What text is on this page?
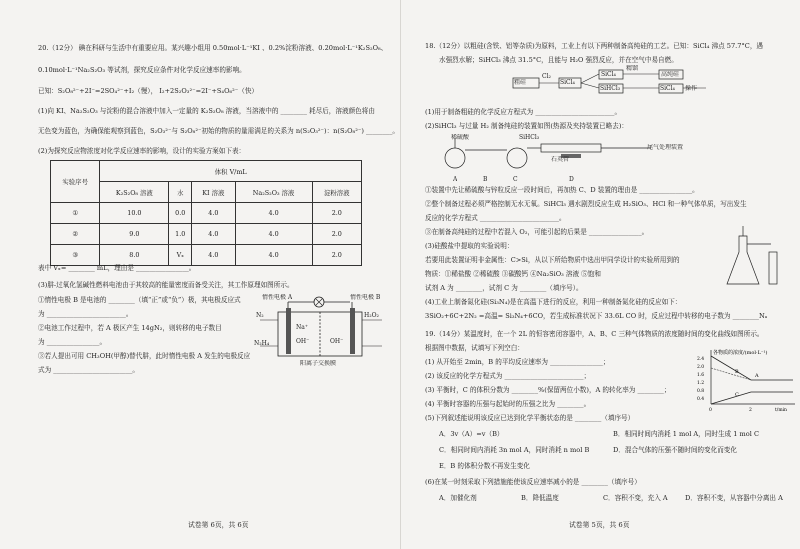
20.（12分） 碘在科研与生活中有重要应用。某兴趣小组用 0.50mol·L⁻¹KI 、0.2%淀粉溶液、0.20mol·L⁻¹K₂S₂O₈、
0.10mol·L⁻¹Na₂S₂O₃ 等试剂，探究反应条件对化学反应速率的影响。
已知：S₂O₈²⁻+2I⁻=2SO₄²⁻+I₂（慢）， I₂+2S₂O₃²⁻=2I⁻+S₄O₆²⁻（快）
(1)向 KI、Na₂S₂O₃ 与淀粉的混合溶液中加入一定量的 K₂S₂O₈ 溶液，当溶液中的 ________ 耗尽后，溶液颜色将由
无色变为蓝色，为确保能观察到蓝色，S₂O₃²⁻与 S₂O₈²⁻初始的物质的量需满足的关系为 n(S₂O₃²⁻)：n(S₂O₈²⁻) ________。
(2)为探究反应物浓度对化学反应速率的影响，设计的实验方案如下表：
实验序号	体积 V/mL				
	K₂S₂O₈ 溶液	水	KI 溶液	Na₂S₂O₃ 溶液	淀粉溶液
①	10.0	0.0	4.0	4.0	2.0
②	9.0	1.0	4.0	4.0	2.0
③	8.0	Vₓ	4.0	4.0	2.0
表中 Vₓ= ________ mL，理由是 ________________。
(3)肼-过氧化氢碱性燃料电池由于其较高的能量密度而备受关注，其工作原理如图所示。
①惰性电极 B 是电池的 ________（填“正”或“负”）极，其电极反应式
为 ________________________。
②电池工作过程中，若 A 极区产生 14gN₂，则转移的电子数目
为 ________________。
③若人提出可用 CH₃OH(甲醇)替代肼，此时惰性电极 A 发生的电极反应
式为 ________________________。
惰性电极 A	惰性电极 B
N₂
N₂H₄
H₂O₂
Na⁺
OH⁻	OH⁻
阳离子交换膜
试卷第 6页，共 6页
18.（12分）以粗硅(含铁、铝等杂质)为原料，工业上有以下两种制备高纯硅的工艺。已知：SiCl₄ 沸点 57.7°C，遇
水强烈水解；SiHCl₃ 沸点 31.5°C，且能与 H₂O 强烈反应，并在空气中易自燃。
粗硅
Cl₂
SiCl₄
SiCl₄
SiHCl₃
精馏
高纯硅
SiCl₄ 操作
(1)用于制备粗硅的化学反应方程式为 ________________________。
(2)SiHCl₃ 与过量 H₂ 制备纯硅的装置如图(热源及夹持装置已略去)：
A	B	C	D
SiHCl₃
稀硫酸
石英管
尾气处理装置
①装置中先让稀硫酸与锌粒反应一段时间后，再加热 C、D 装置的理由是 ________________。
②整个制备过程必须严格控制无水无氧。SiHCl₃ 遇水剧烈反应生成 H₂SiO₃、HCl 和一种气体单质，写出发生
反应的化学方程式 ________________________。
③在制备高纯硅的过程中若混入 O₂，可能引起的后果是 ________________。
(3)硅酸盐中提取的实验说明：
若要用此装置证明非金属性：C>Si，从以下所给物质中选出甲同学设计的实验所用到的
物质：①稀盐酸 ②稀硫酸 ③碳酸钙 ④Na₂SiO₃ 溶液 ⑤饱和
试剂 A 为 ________，试剂 C 为 ________（填序号）。
(4)工业上制备氮化硅(Si₃N₄)是在高温下进行的反应，利用一种制备氮化硅的反应如下：
3SiO₂+6C+2N₂ =高温= Si₃N₄+6CO，若生成标准状况下 33.6L CO 时，反应过程中转移的电子数为 ________Nₐ
19.（14分）某温度时，在一个 2L 的恒容密闭容器中，A、B、C 三种气体物质的浓度随时间的变化曲线如图所示。
根据图中数据，试填写下列空白：
(1) 从开始至 2min，B 的平均反应速率为 ________________；
(2) 该反应的化学方程式为 ________________________；
(3) 平衡时，C 的体积分数为 ________%(保留两位小数)，A 的转化率为 ________；
(4) 平衡时容器的压强与起始时的压强之比为 ________。
(5)下列叙述能说明该反应已达到化学平衡状态的是 ________（填序号）
A．3v（A）=v（B）	B．相同时间内消耗 1 mol A，同时生成 1 mol C
C．相同时间内消耗 3n mol A，同时消耗 n mol B	D．混合气体的压强不随时间的变化而变化
E．B 的体积分数不再发生变化
(6)在某一时刻采取下列措施能使该反应速率减小的是 ________（填序号）
A．加催化剂	B．降低温度	C．容积不变，充入 A	D．容积不变，从容器中分离出 A
各物质的浓度/(mol·L⁻¹)
2.4
2.0
1.6
1.2
0.8
0.4
0	2	t/min
A
B
C
试卷第 5页，共 6页
